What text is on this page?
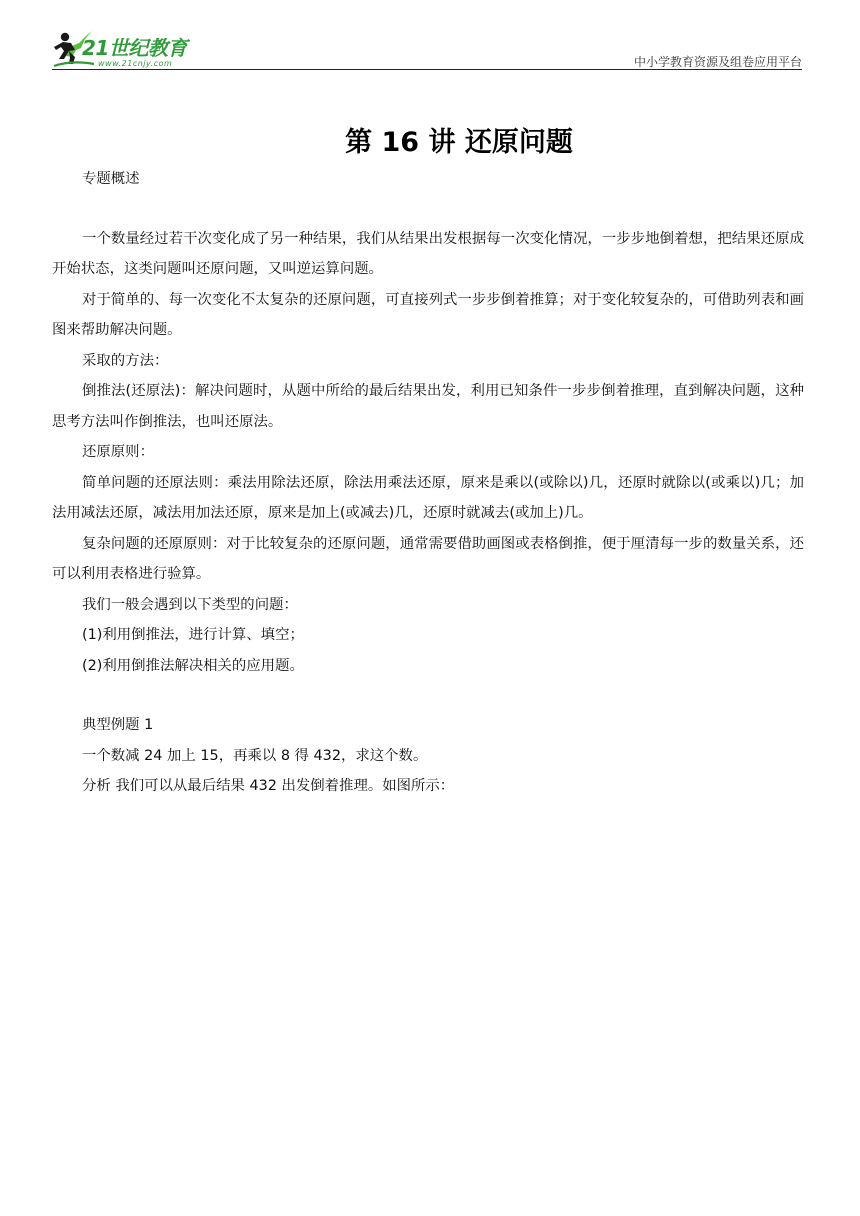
21世纪教育
www.21cnjy.com	中小学教育资源及组卷应用平台
第 16 讲 还原问题

专题概述

一个数量经过若干次变化成了另一种结果，我们从结果出发根据每一次变化情况，一步步地倒着想，把结果还原成开始状态，这类问题叫还原问题，又叫逆运算问题。

对于简单的、每一次变化不太复杂的还原问题，可直接列式一步步倒着推算；对于变化较复杂的，可借助列表和画图来帮助解决问题。

采取的方法：

倒推法(还原法)：解决问题时，从题中所给的最后结果出发，利用已知条件一步步倒着推理，直到解决问题，这种思考方法叫作倒推法，也叫还原法。

还原原则：

简单问题的还原法则：乘法用除法还原，除法用乘法还原，原来是乘以(或除以)几，还原时就除以(或乘以)几；加法用减法还原，减法用加法还原，原来是加上(或减去)几，还原时就减去(或加上)几。

复杂问题的还原原则：对于比较复杂的还原问题，通常需要借助画图或表格倒推，便于厘清每一步的数量关系，还可以利用表格进行验算。

我们一般会遇到以下类型的问题：

(1)利用倒推法，进行计算、填空；

(2)利用倒推法解决相关的应用题。

典型例题 1

一个数减 24 加上 15，再乘以 8 得 432，求这个数。

分析 我们可以从最后结果 432 出发倒着推理。如图所示：
